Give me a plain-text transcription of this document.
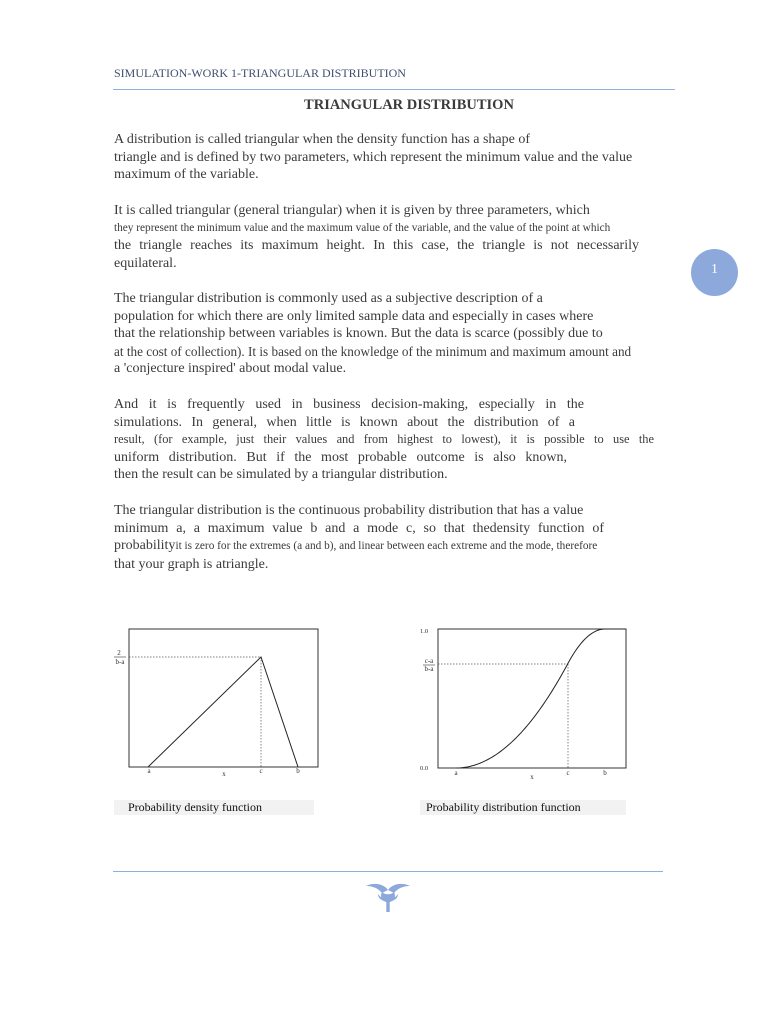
SIMULATION-WORK 1-TRIANGULAR DISTRIBUTION
1
TRIANGULAR DISTRIBUTION

A distribution is called triangular when the density function has a shape of
triangle and is defined by two parameters, which represent the minimum value and the value
maximum of the variable.

It is called triangular (general triangular) when it is given by three parameters, which
they represent the minimum value and the maximum value of the variable, and the value of the point at which
the triangle reaches its maximum height. In this case, the triangle is not necessarily
equilateral.

The triangular distribution is commonly used as a subjective description of a
population for which there are only limited sample data and especially in cases where
that the relationship between variables is known. But the data is scarce (possibly due to
at the cost of collection). It is based on the knowledge of the minimum and maximum amount and
a 'conjecture inspired' about modal value.

And it is frequently used in business decision-making, especially in the
simulations. In general, when little is known about the distribution of a
result, (for example, just their values and from highest to lowest), it is possible to use the
uniform distribution. But if the most probable outcome is also known,
then the result can be simulated by a triangular distribution.

The triangular distribution is the continuous probability distribution that has a value
minimum a, a maximum value b and a mode c, so that thedensity function of
probabilityit is zero for the extremes (a and b), and linear between each extreme and the mode, therefore
that your graph is atriangle.

2
b-a
a	x	c	b
Probability density function
1.0
0.0
c-a
b-a
a	x	c	b
Probability distribution function
